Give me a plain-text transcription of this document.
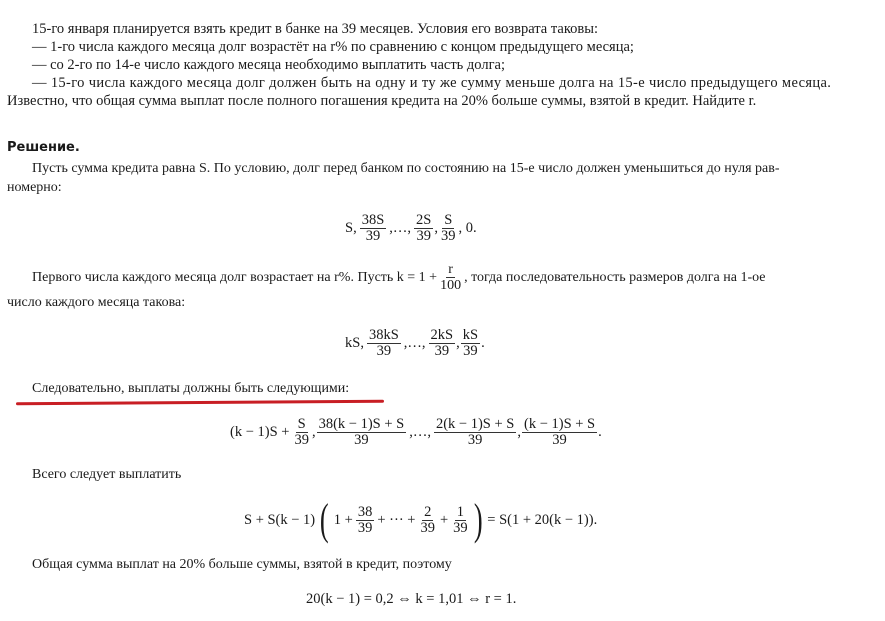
15-го января планируется взять кредит в банке на 39 месяцев. Условия его возврата таковы:
— 1-го числа каждого месяца долг возрастёт на r% по сравнению с концом предыдущего месяца;
— со 2-го по 14-е число каждого месяца необходимо выплатить часть долга;
— 15-го числа каждого месяца долг должен быть на одну и ту же сумму меньше долга на 15-е число предыдущего месяца.
Известно, что общая сумма выплат после полного погашения кредита на 20% больше суммы, взятой в кредит. Найдите r.
Решение.
Пусть сумма кредита равна S. По условию, долг перед банком по состоянию на 15-е число должен уменьшиться до нуля рав-
номерно:
S, $\frac{38S}{39}$ ,…, $\frac{2S}{39}$ , $\frac{S}{39}$ , 0.
Первого числа каждого месяца долг возрастает на r%. Пусть $k = 1 + \frac{r}{100}$ , тогда последовательность размеров долга на 1-ое
число каждого месяца такова:
kS, $\frac{38kS}{39}$ ,…, $\frac{2kS}{39}$ , $\frac{kS}{39}$ .
Следовательно, выплаты должны быть следующими:
$(k - 1)S + \frac{S}{39}$ , $\frac{38(k - 1)S + S}{39}$ ,…, $\frac{2(k - 1)S + S}{39}$ , $\frac{(k - 1)S + S}{39}$ .
Всего следует выплатить
S + S(k − 1) ( $1 + \frac{38}{39}$ + ··· + $\frac{2}{39} + \frac{1}{39}$ ) = S(1 + 20(k − 1)).
Общая сумма выплат на 20% больше суммы, взятой в кредит, поэтому
20(k − 1) = 0,2 ⇔ k = 1,01 ⇔ r = 1.
